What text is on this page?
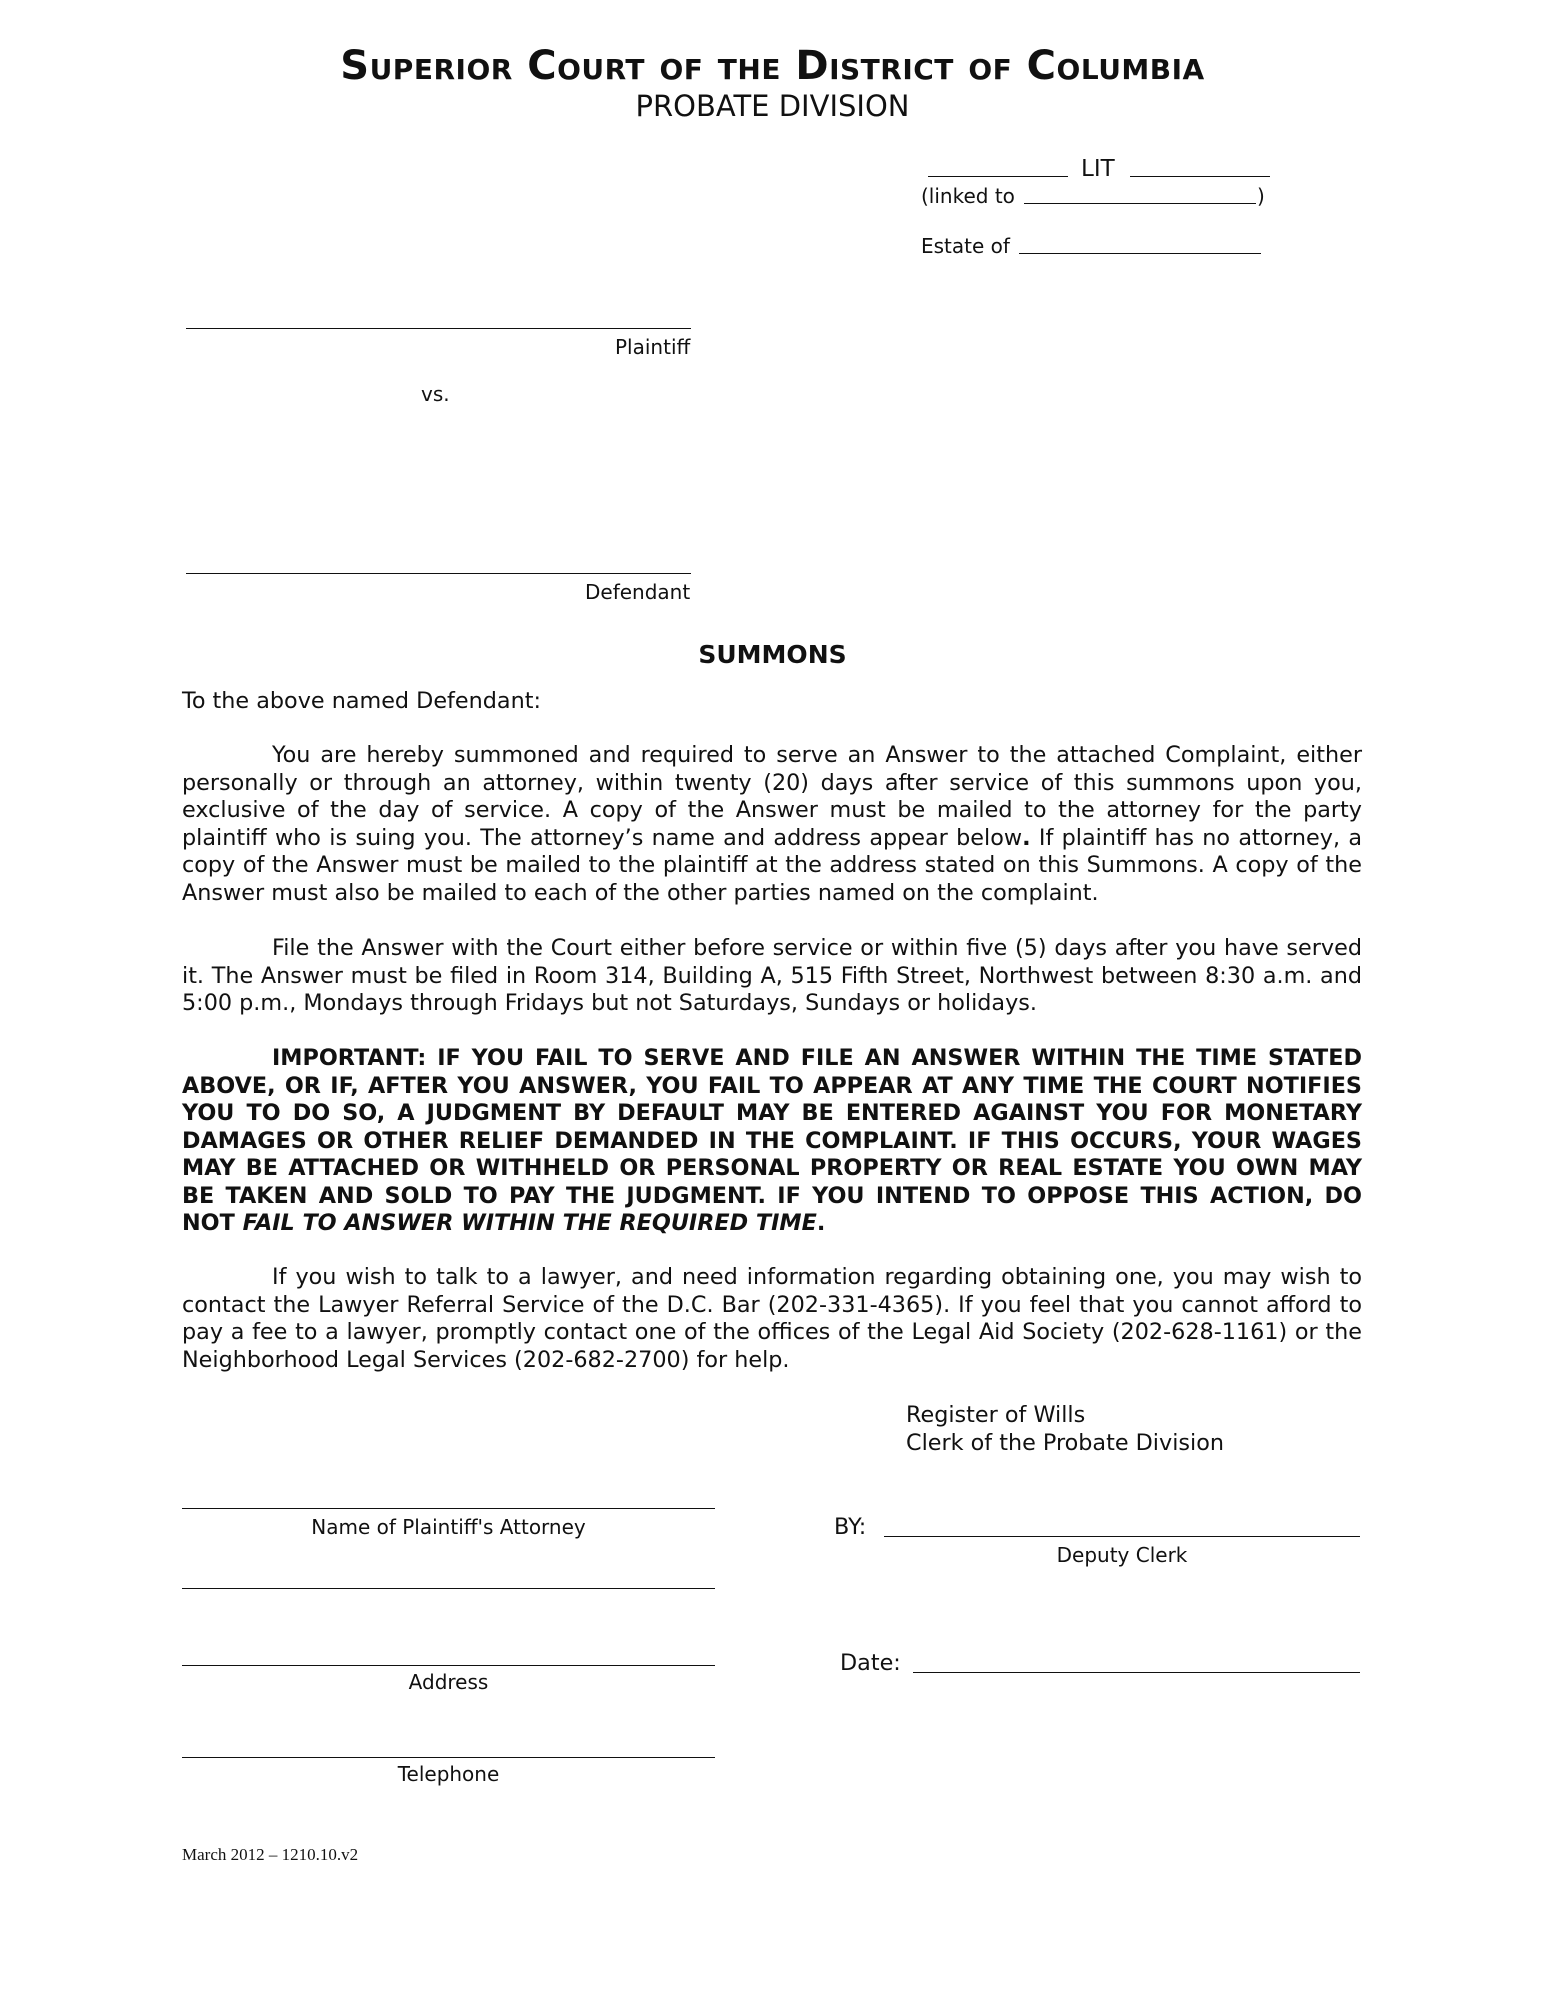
Superior Court of the District of Columbia
PROBATE DIVISION
LIT
(linked to	)
Estate of
Plaintiff
vs.
Defendant
SUMMONS
To the above named Defendant:
You are hereby summoned and required to serve an Answer to the attached Complaint, either personally or through an attorney, within twenty (20) days after service of this summons upon you, exclusive of the day of service. A copy of the Answer must be mailed to the attorney for the party plaintiff who is suing you. The attorney’s name and address appear below. If plaintiff has no attorney, a copy of the Answer must be mailed to the plaintiff at the address stated on this Summons. A copy of the Answer must also be mailed to each of the other parties named on the complaint.
File the Answer with the Court either before service or within five (5) days after you have served it. The Answer must be filed in Room 314, Building A, 515 Fifth Street, Northwest between 8:30 a.m. and 5:00 p.m., Mondays through Fridays but not Saturdays, Sundays or holidays.
IMPORTANT: IF YOU FAIL TO SERVE AND FILE AN ANSWER WITHIN THE TIME STATED ABOVE, OR IF, AFTER YOU ANSWER, YOU FAIL TO APPEAR AT ANY TIME THE COURT NOTIFIES YOU TO DO SO, A JUDGMENT BY DEFAULT MAY BE ENTERED AGAINST YOU FOR MONETARY DAMAGES OR OTHER RELIEF DEMANDED IN THE COMPLAINT. IF THIS OCCURS, YOUR WAGES MAY BE ATTACHED OR WITHHELD OR PERSONAL PROPERTY OR REAL ESTATE YOU OWN MAY BE TAKEN AND SOLD TO PAY THE JUDGMENT. IF YOU INTEND TO OPPOSE THIS ACTION, DO NOT FAIL TO ANSWER WITHIN THE REQUIRED TIME.
If you wish to talk to a lawyer, and need information regarding obtaining one, you may wish to contact the Lawyer Referral Service of the D.C. Bar (202-331-4365). If you feel that you cannot afford to pay a fee to a lawyer, promptly contact one of the offices of the Legal Aid Society (202-628-1161) or the Neighborhood Legal Services (202-682-2700) for help.
Register of Wills
Clerk of the Probate Division
Name of Plaintiff's Attorney
Address
Telephone
BY:
Deputy Clerk
Date:
March 2012 – 1210.10.v2
